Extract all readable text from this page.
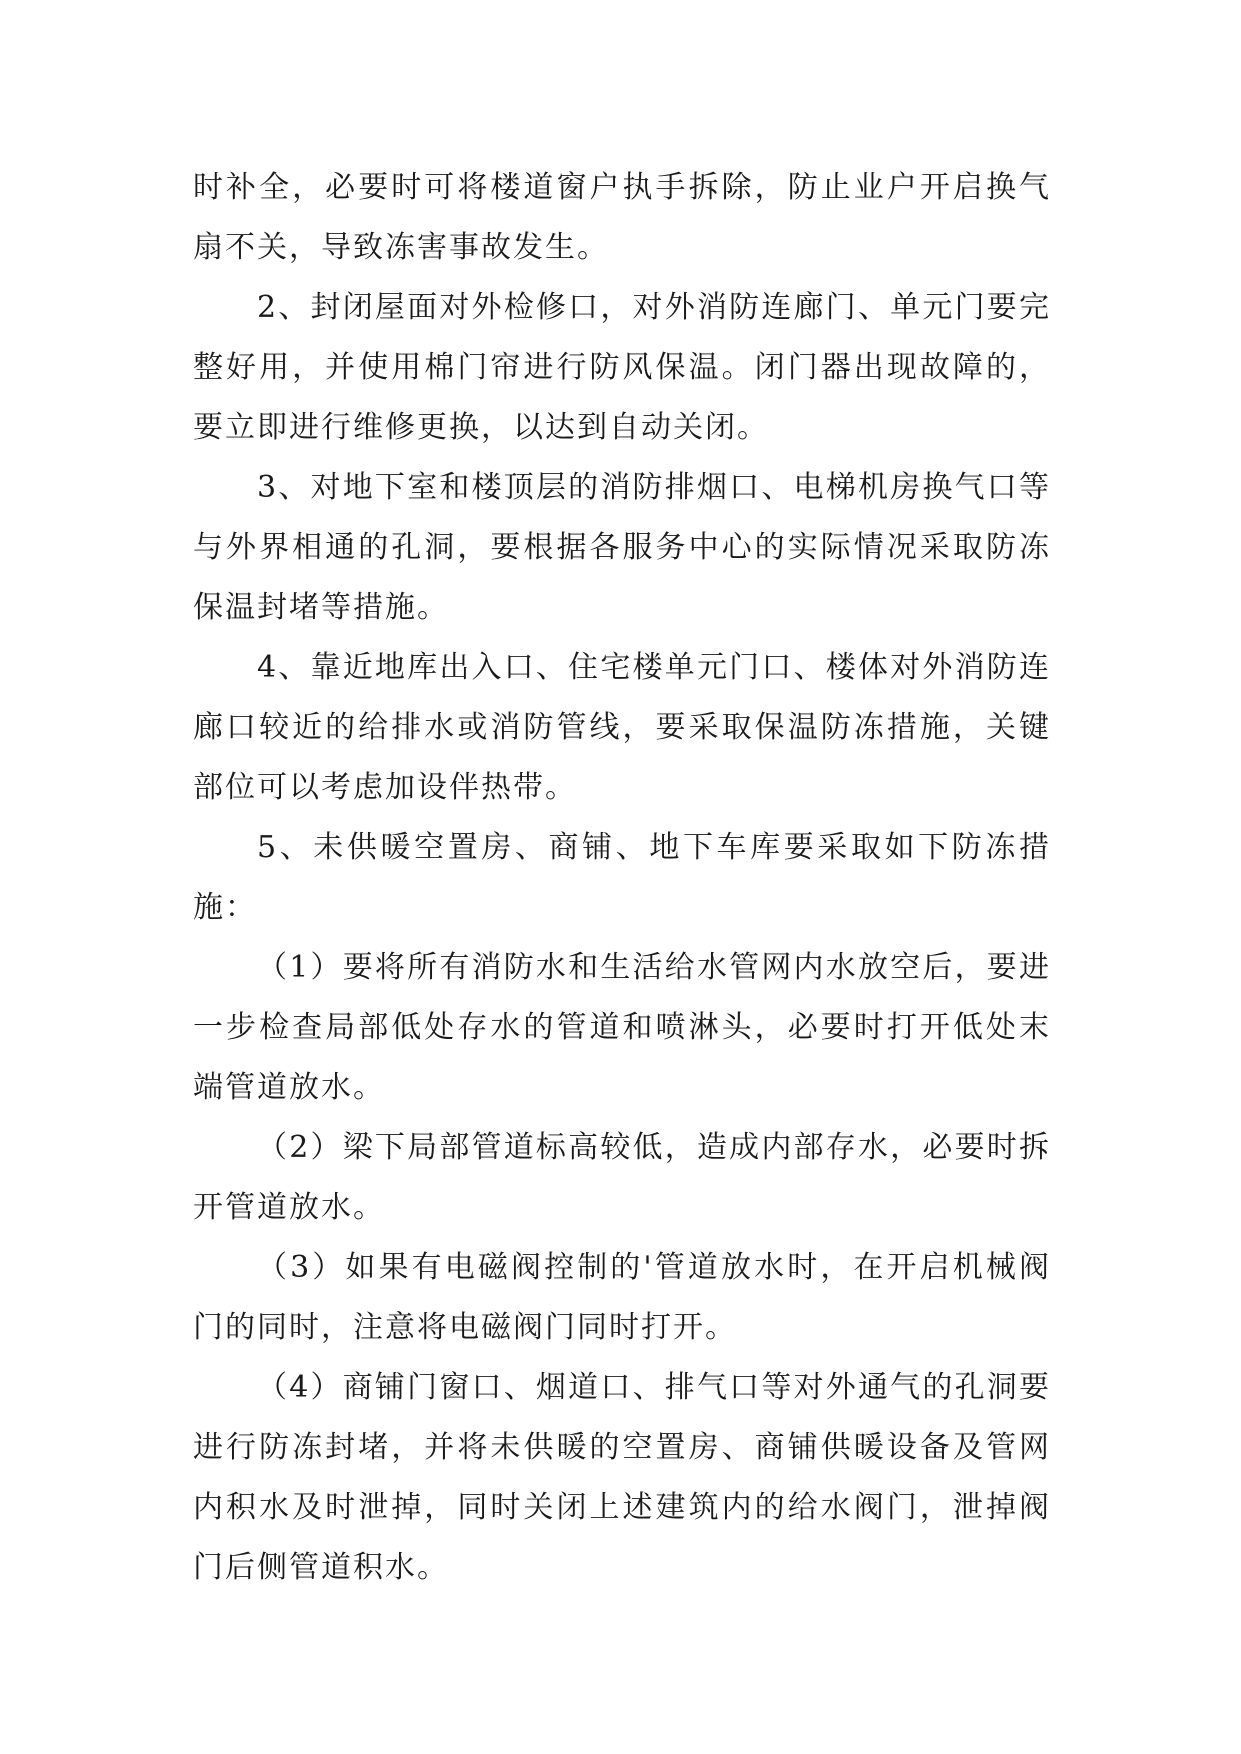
时补全，必要时可将楼道窗户执手拆除，防止业户开启换气扇不关，导致冻害事故发生。

2、封闭屋面对外检修口，对外消防连廊门、单元门要完整好用，并使用棉门帘进行防风保温。闭门器出现故障的，要立即进行维修更换，以达到自动关闭。

3、对地下室和楼顶层的消防排烟口、电梯机房换气口等与外界相通的孔洞，要根据各服务中心的实际情况采取防冻保温封堵等措施。

4、靠近地库出入口、住宅楼单元门口、楼体对外消防连廊口较近的给排水或消防管线，要采取保温防冻措施，关键部位可以考虑加设伴热带。

5、未供暖空置房、商铺、地下车库要采取如下防冻措施：

（1）要将所有消防水和生活给水管网内水放空后，要进一步检查局部低处存水的管道和喷淋头，必要时打开低处末端管道放水。

（2）梁下局部管道标高较低，造成内部存水，必要时拆开管道放水。

（3）如果有电磁阀控制的'管道放水时，在开启机械阀门的同时，注意将电磁阀门同时打开。

（4）商铺门窗口、烟道口、排气口等对外通气的孔洞要进行防冻封堵，并将未供暖的空置房、商铺供暖设备及管网内积水及时泄掉，同时关闭上述建筑内的给水阀门，泄掉阀门后侧管道积水。
